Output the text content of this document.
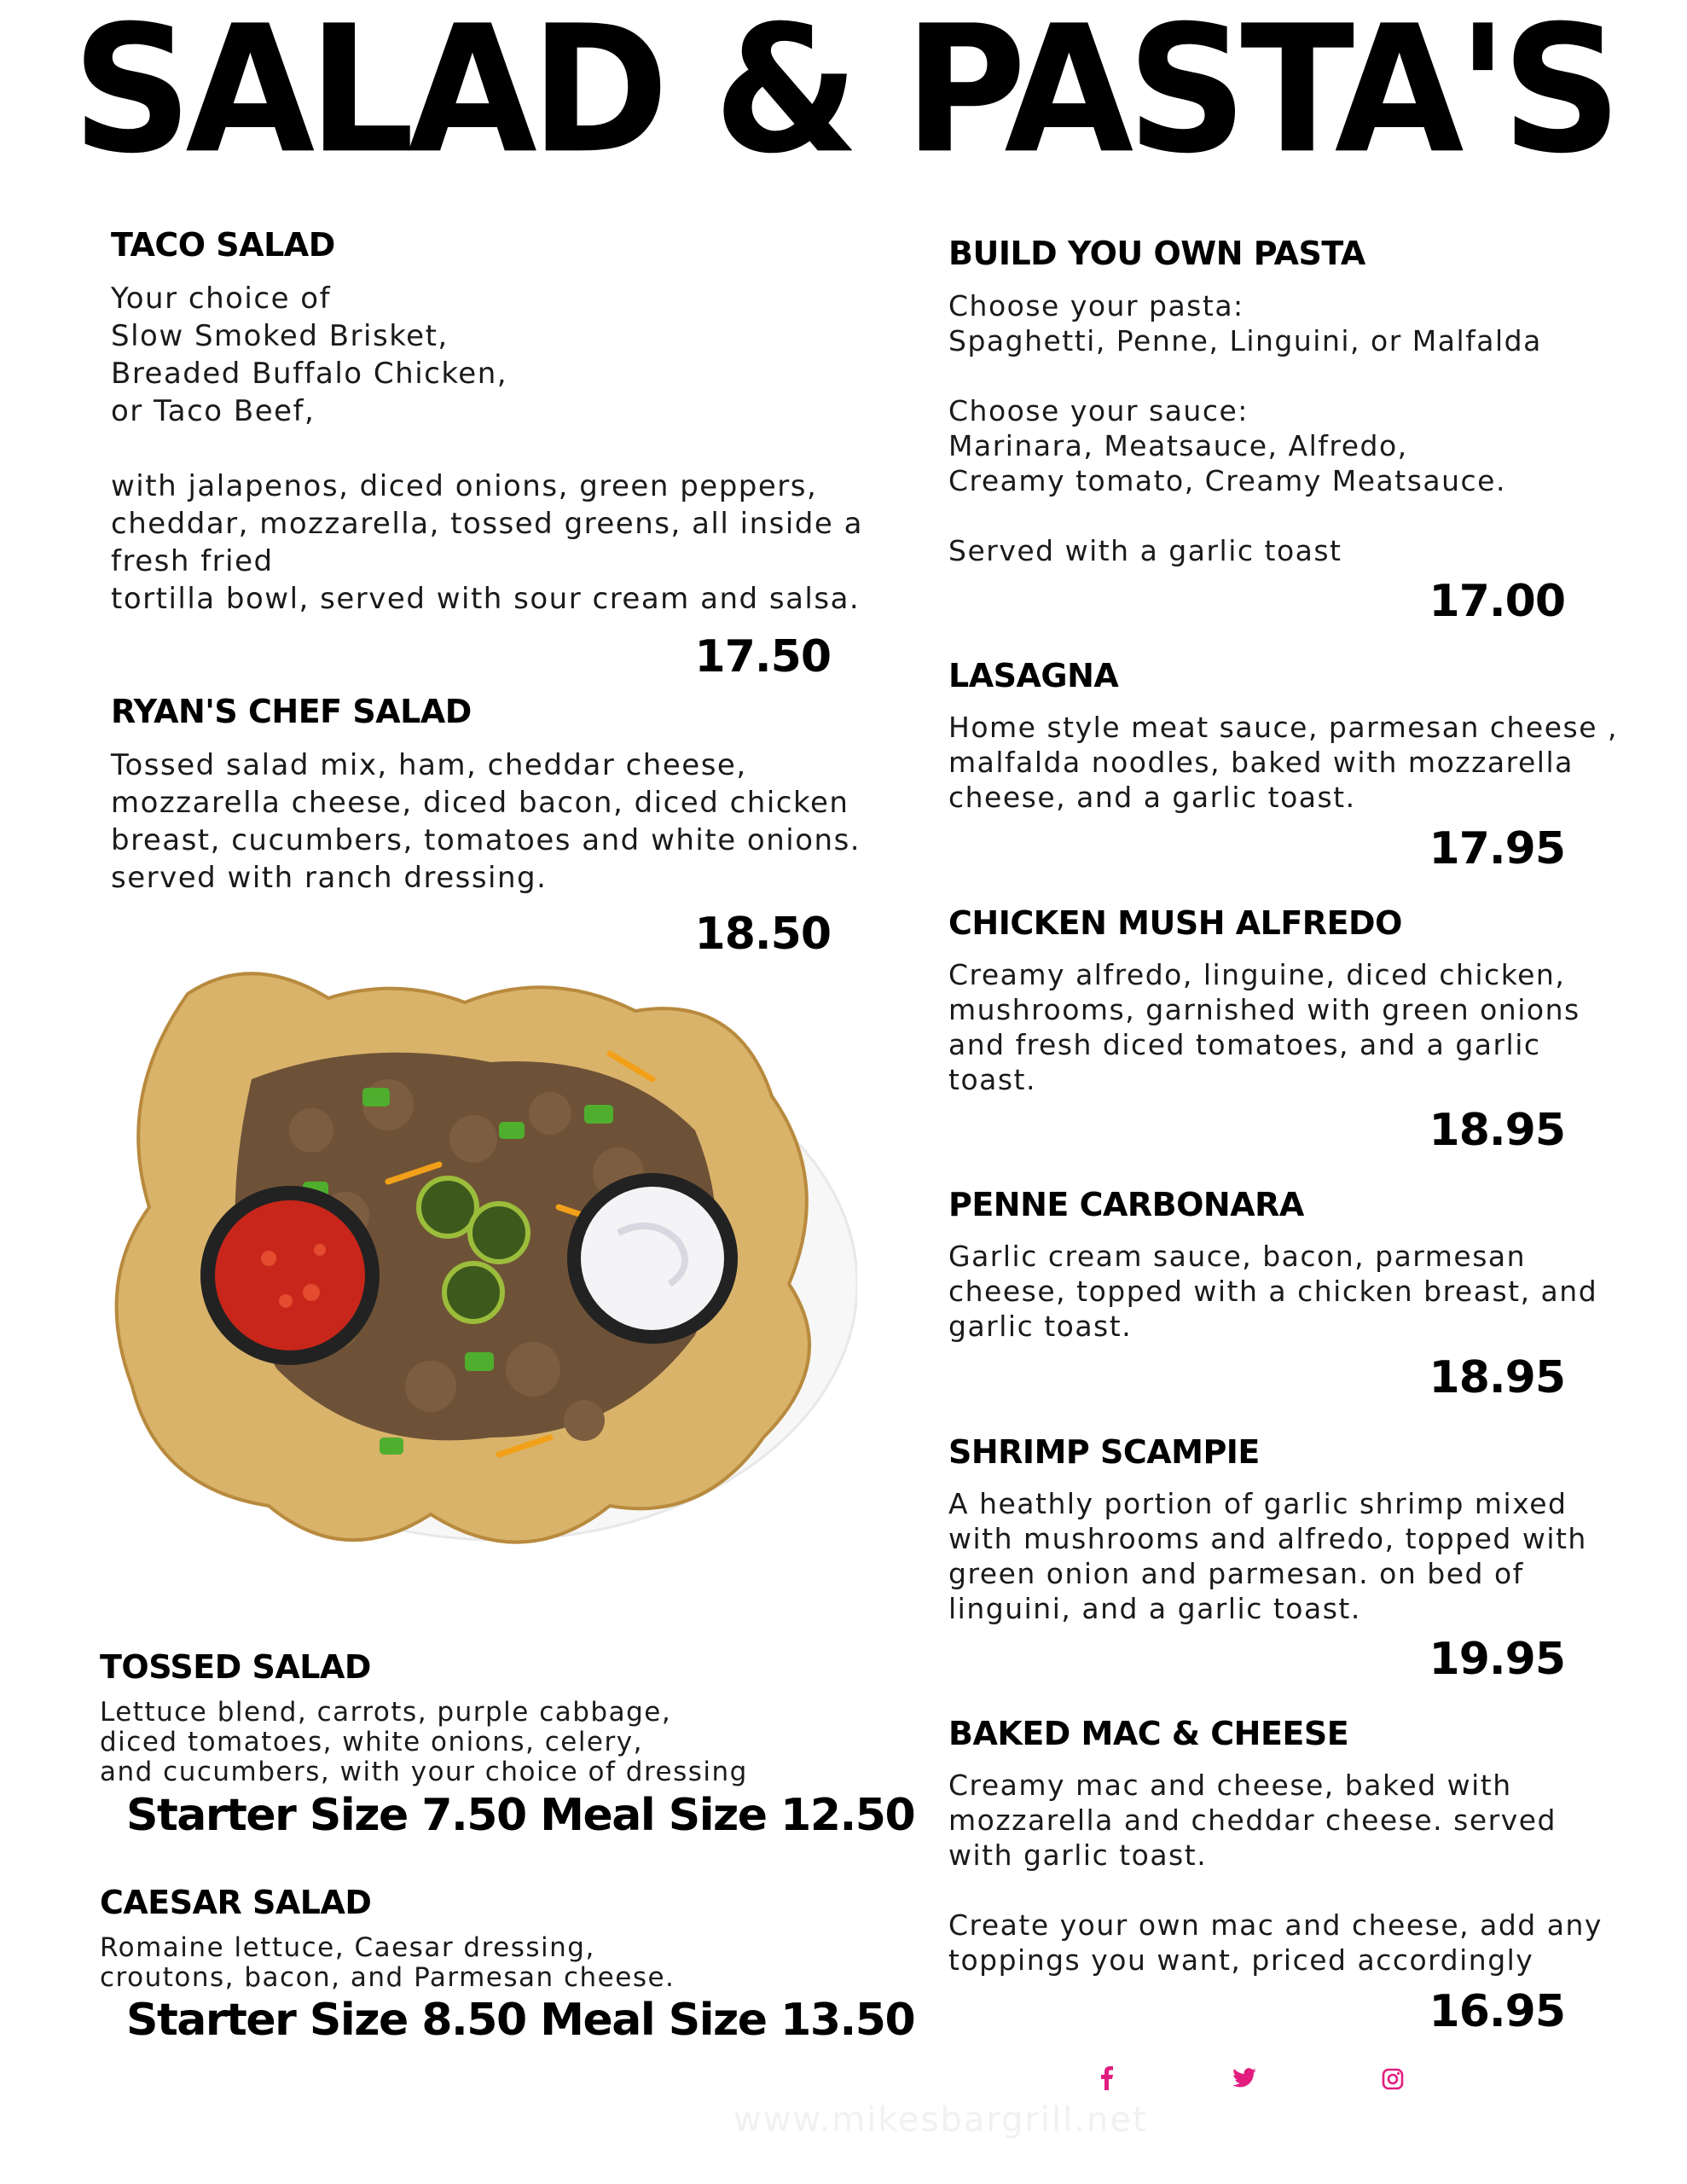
SALAD & PASTA'S
TACO SALAD
Your choice of
Slow Smoked Brisket,
Breaded Buffalo Chicken,
or Taco Beef,

with jalapenos, diced onions, green peppers,
cheddar, mozzarella, tossed greens, all inside a
fresh fried
tortilla bowl, served with sour cream and salsa.
17.50
RYAN'S CHEF SALAD
Tossed salad mix, ham, cheddar cheese,
mozzarella cheese, diced bacon, diced chicken
breast, cucumbers, tomatoes and white onions.
served with ranch dressing.
18.50
TOSSED SALAD
Lettuce blend, carrots, purple cabbage,
diced tomatoes, white onions, celery,
and cucumbers, with your choice of dressing
Starter Size 7.50 Meal Size 12.50
CAESAR SALAD
Romaine lettuce, Caesar dressing,
croutons, bacon, and Parmesan cheese.
Starter Size 8.50 Meal Size 13.50
BUILD YOU OWN PASTA
Choose your pasta:
Spaghetti, Penne, Linguini, or Malfalda

Choose your sauce:
Marinara, Meatsauce, Alfredo,
Creamy tomato, Creamy Meatsauce.

Served with a garlic toast
17.00
LASAGNA
Home style meat sauce, parmesan cheese ,
malfalda noodles, baked with mozzarella
cheese, and a garlic toast.
17.95
CHICKEN MUSH ALFREDO
Creamy alfredo, linguine, diced chicken,
mushrooms, garnished with green onions
and fresh diced tomatoes, and a garlic
toast.
18.95
PENNE CARBONARA
Garlic cream sauce, bacon, parmesan
cheese, topped with a chicken breast, and
garlic toast.
18.95
SHRIMP SCAMPIE
A heathly portion of garlic shrimp mixed
with mushrooms and alfredo, topped with
green onion and parmesan. on bed of
linguini, and a garlic toast.
19.95
BAKED MAC & CHEESE
Creamy mac and cheese, baked with
mozzarella and cheddar cheese. served
with garlic toast.

Create your own mac and cheese, add any
toppings you want, priced accordingly
16.95
www.mikesbargrill.net
